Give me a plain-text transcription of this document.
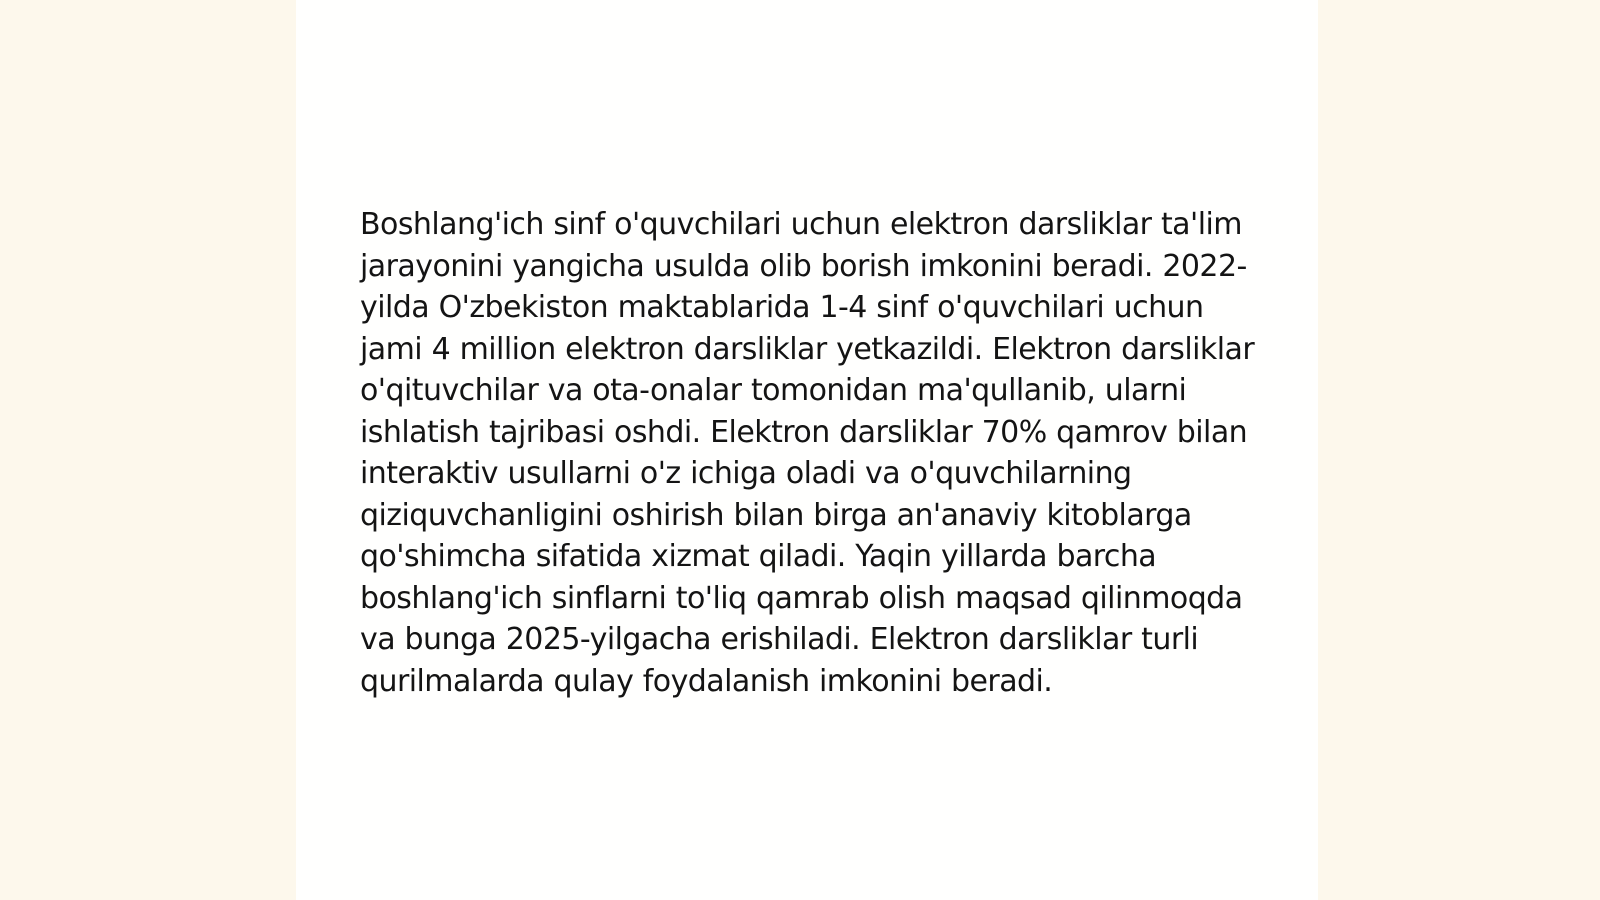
Boshlang'ich sinf o'quvchilari uchun elektron darsliklar ta'lim jarayonini yangicha usulda olib borish imkonini beradi. 2022-yilda O'zbekiston maktablarida 1-4 sinf o'quvchilari uchun jami 4 million elektron darsliklar yetkazildi. Elektron darsliklar o'qituvchilar va ota-onalar tomonidan ma'qullanib, ularni ishlatish tajribasi oshdi. Elektron darsliklar 70% qamrov bilan interaktiv usullarni o'z ichiga oladi va o'quvchilarning qiziquvchanligini oshirish bilan birga an'anaviy kitoblarga qo'shimcha sifatida xizmat qiladi. Yaqin yillarda barcha boshlang'ich sinflarni to'liq qamrab olish maqsad qilinmoqda va bunga 2025-yilgacha erishiladi. Elektron darsliklar turli qurilmalarda qulay foydalanish imkonini beradi.
